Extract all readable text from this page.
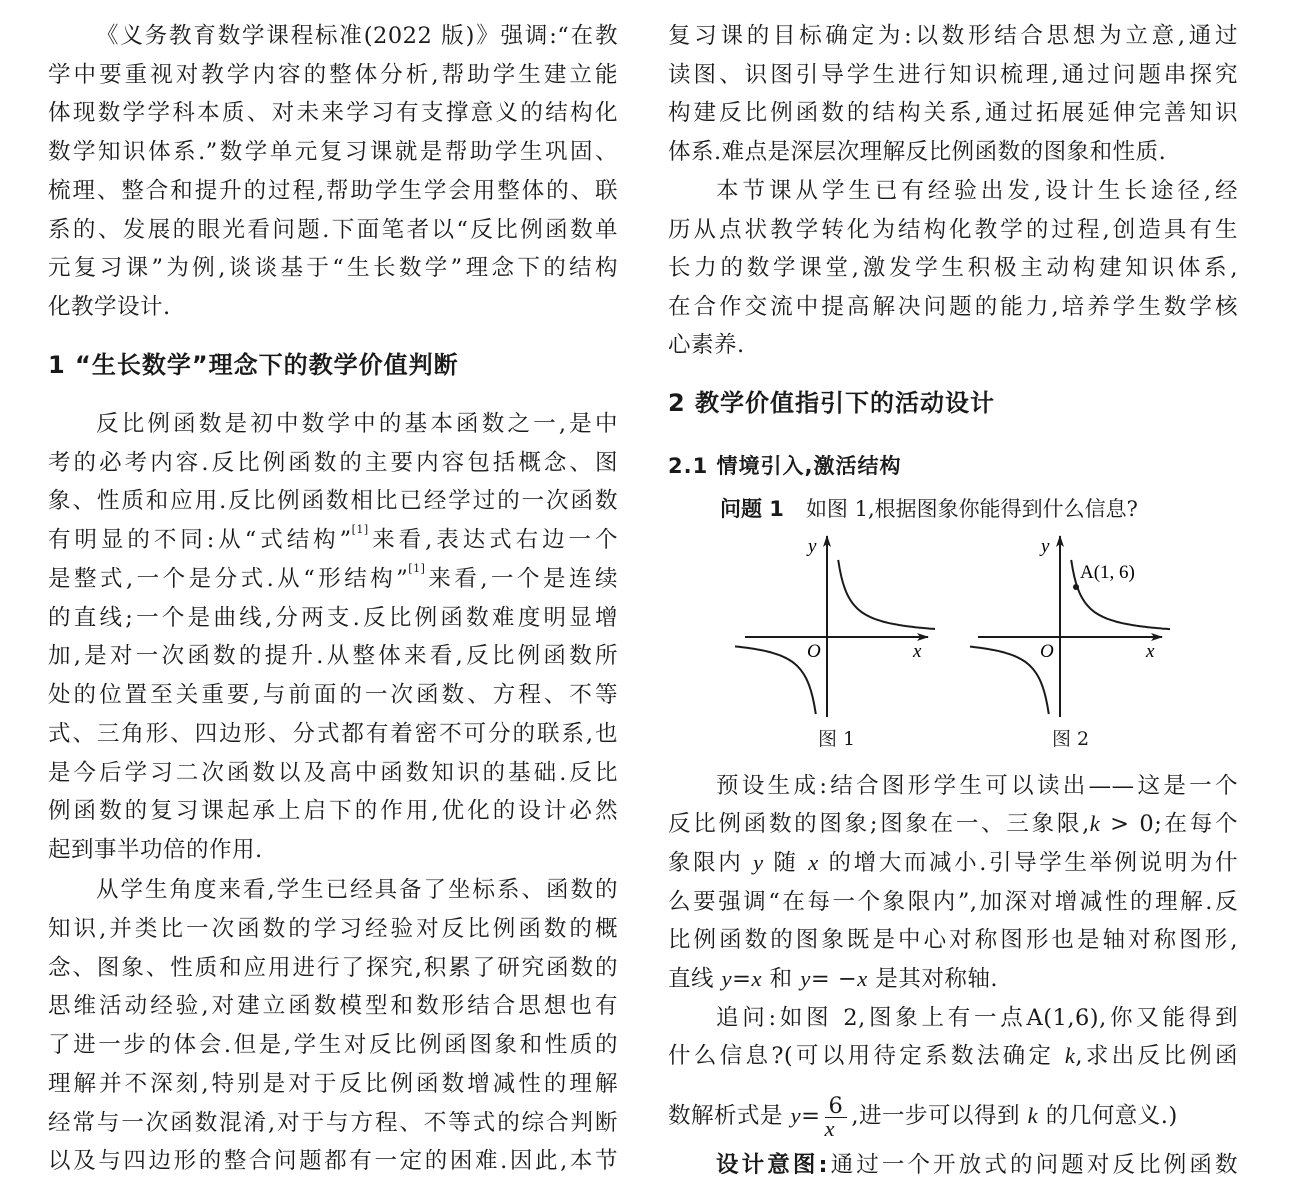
《义务教育数学课程标准(2022 版)》强调:“在教
学中要重视对教学内容的整体分析,帮助学生建立能
体现数学学科本质、对未来学习有支撑意义的结构化
数学知识体系.”数学单元复习课就是帮助学生巩固、
梳理、整合和提升的过程,帮助学生学会用整体的、联
系的、发展的眼光看问题.下面笔者以“反比例函数单
元复习课”为例,谈谈基于“生长数学”理念下的结构
化教学设计.
1 “生长数学”理念下的教学价值判断
反比例函数是初中数学中的基本函数之一,是中
考的必考内容.反比例函数的主要内容包括概念、图
象、性质和应用.反比例函数相比已经学过的一次函数
有明显的不同:从“式结构”[1]来看,表达式右边一个
是整式,一个是分式.从“形结构”[1]来看,一个是连续
的直线;一个是曲线,分两支.反比例函数难度明显增
加,是对一次函数的提升.从整体来看,反比例函数所
处的位置至关重要,与前面的一次函数、方程、不等
式、三角形、四边形、分式都有着密不可分的联系,也
是今后学习二次函数以及高中函数知识的基础.反比
例函数的复习课起承上启下的作用,优化的设计必然
起到事半功倍的作用.
从学生角度来看,学生已经具备了坐标系、函数的
知识,并类比一次函数的学习经验对反比例函数的概
念、图象、性质和应用进行了探究,积累了研究函数的
思维活动经验,对建立函数模型和数形结合思想也有
了进一步的体会.但是,学生对反比例函图象和性质的
理解并不深刻,特别是对于反比例函数增减性的理解
经常与一次函数混淆,对于与方程、不等式的综合判断
以及与四边形的整合问题都有一定的困难.因此,本节
复习课的目标确定为:以数形结合思想为立意,通过
读图、识图引导学生进行知识梳理,通过问题串探究
构建反比例函数的结构关系,通过拓展延伸完善知识
体系.难点是深层次理解反比例函数的图象和性质.
本节课从学生已有经验出发,设计生长途径,经
历从点状教学转化为结构化教学的过程,创造具有生
长力的数学课堂,激发学生积极主动构建知识体系,
在合作交流中提高解决问题的能力,培养学生数学核
心素养.
2 教学价值指引下的活动设计
2.1 情境引入,激活结构
问题 1 如图 1,根据图象你能得到什么信息?
y
O	x
图 1
A(1, 6)
y
O	x
图 2
预设生成:结合图形学生可以读出——这是一个
反比例函数的图象;图象在一、三象限,k > 0;在每个
象限内 y 随 x 的增大而减小.引导学生举例说明为什
么要强调“在每一个象限内”,加深对增减性的理解.反
比例函数的图象既是中心对称图形也是轴对称图形,
直线 y=x 和 y= −x 是其对称轴.
追问:如图 2,图象上有一点A(1,6),你又能得到
什么信息?(可以用待定系数法确定 k,求出反比例函
数解析式是 $y= \frac{6}{x}$ ,进一步可以得到 k 的几何意义.)
设计意图:通过一个开放式的问题对反比例函数
